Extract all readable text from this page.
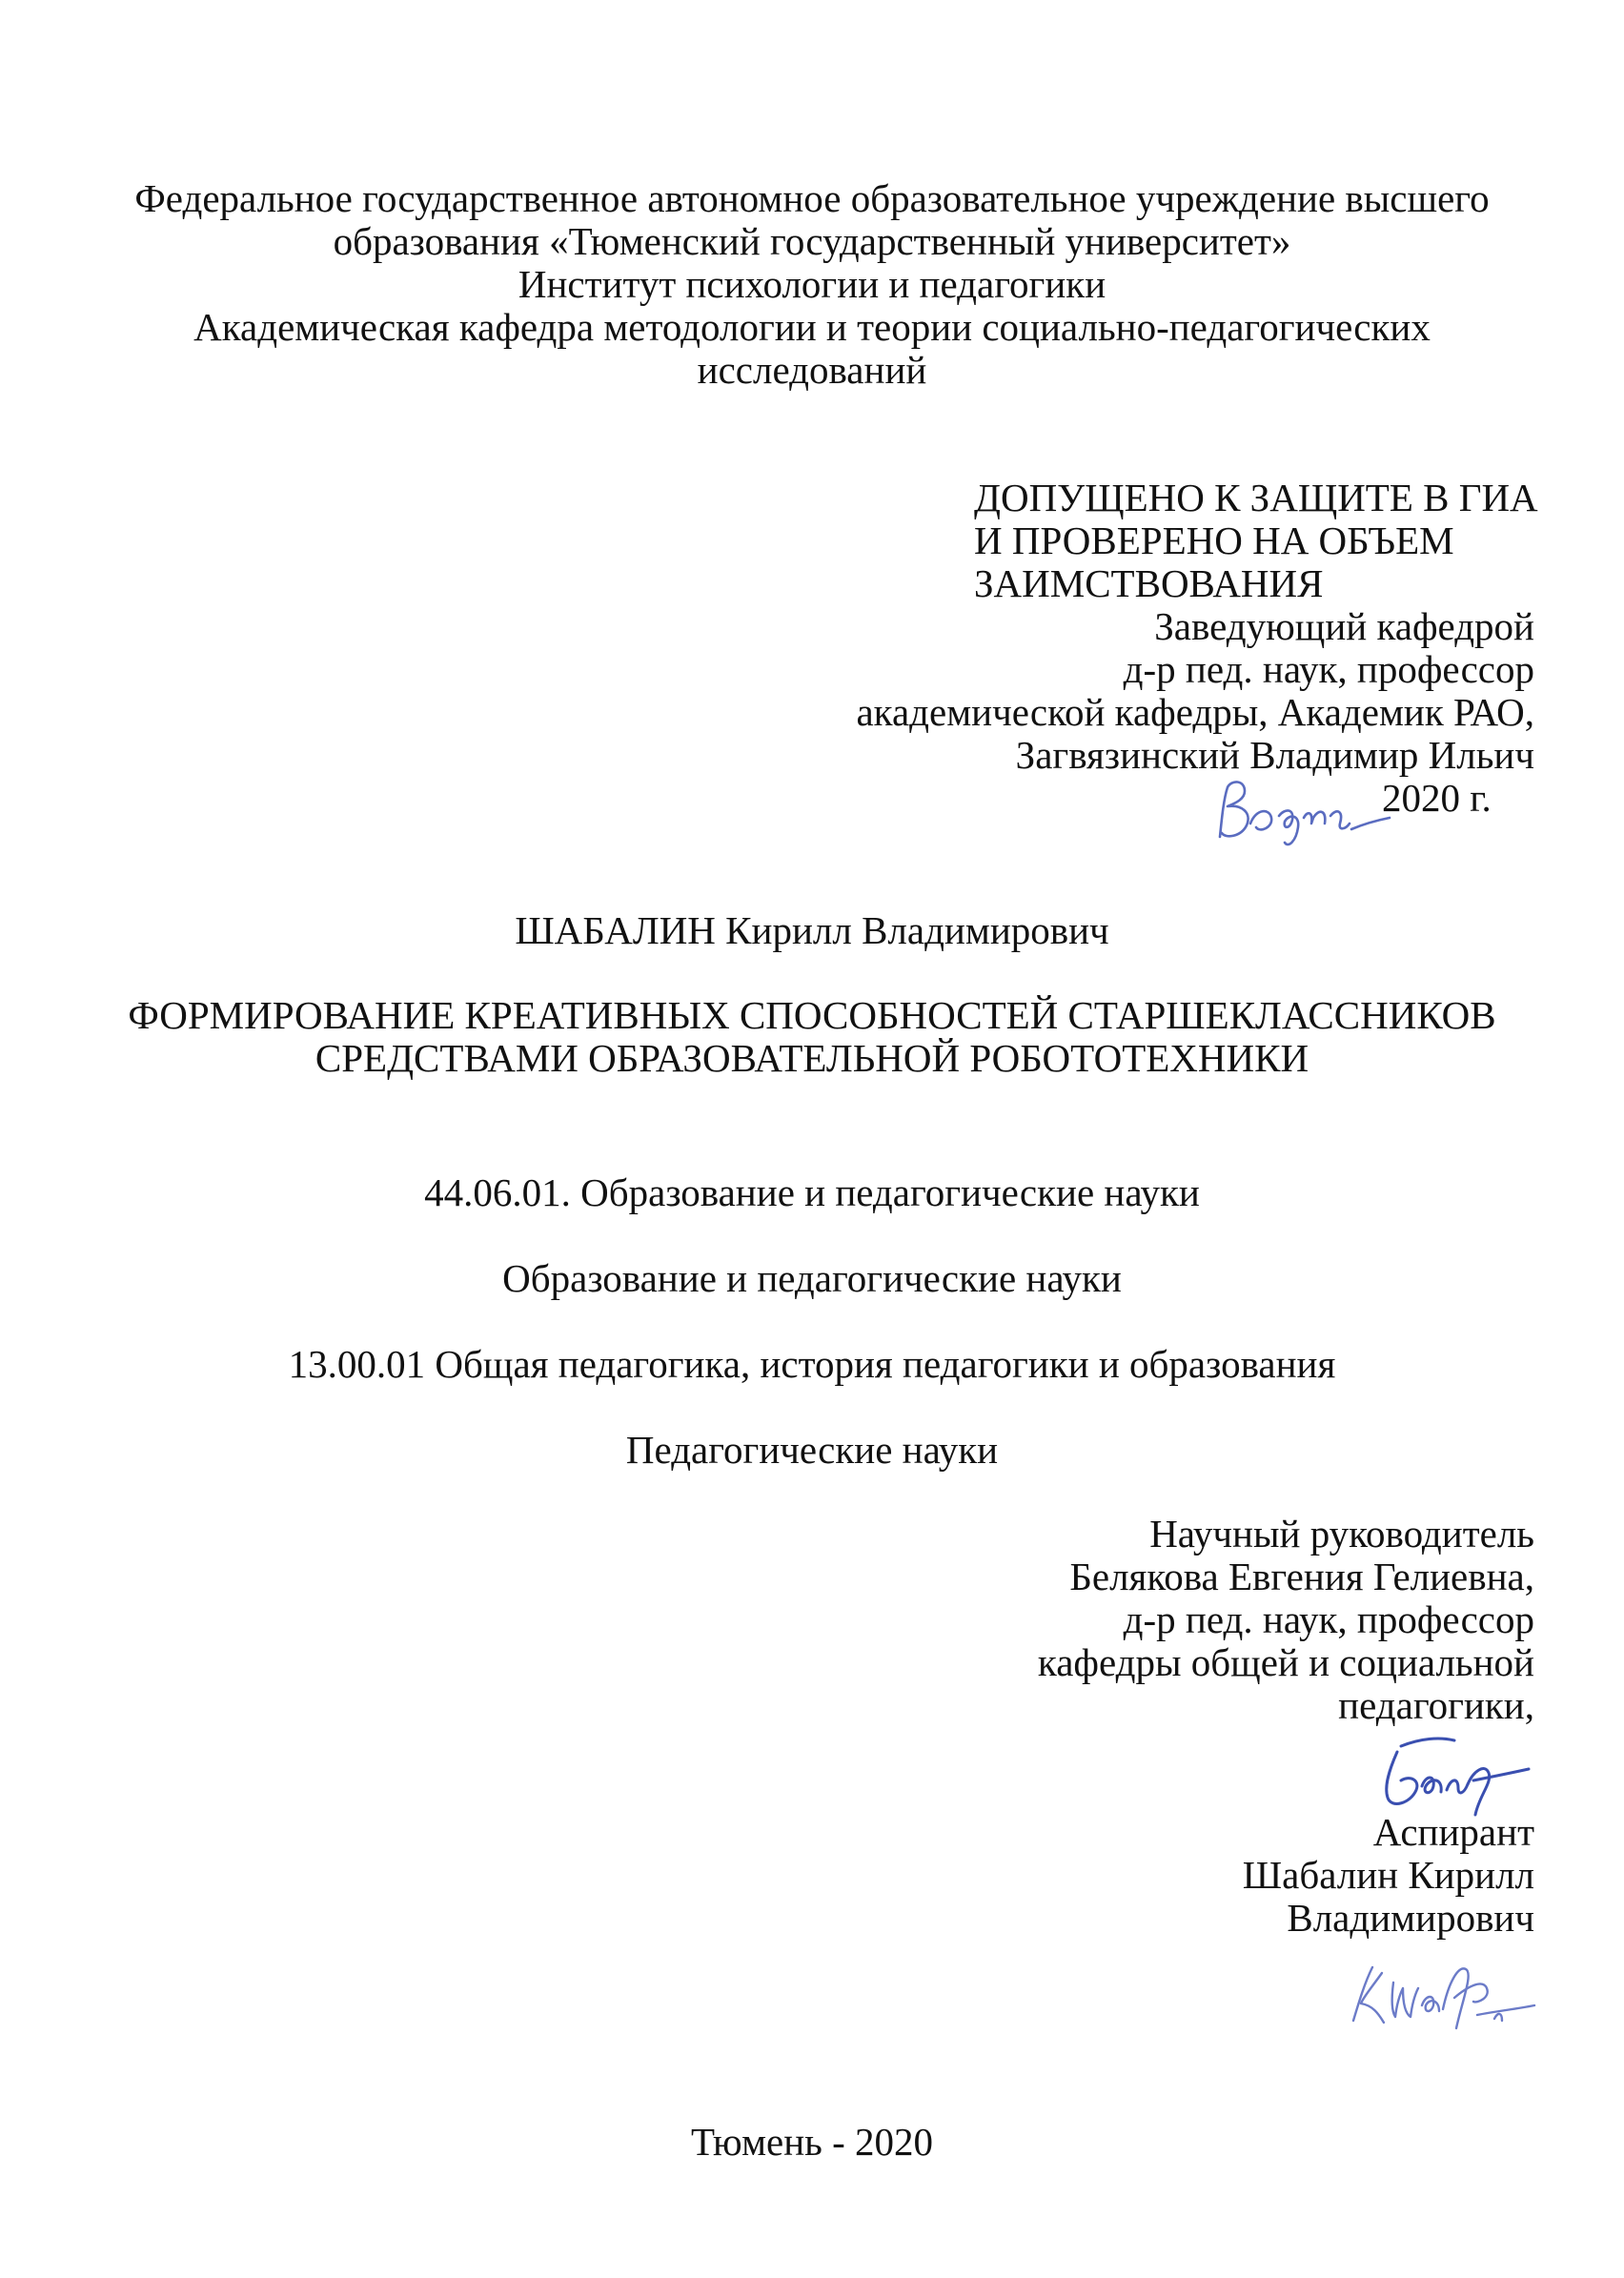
Федеральное государственное автономное образовательное учреждение высшего
образования «Тюменский государственный университет»
Институт психологии и педагогики
Академическая кафедра методологии и теории социально-педагогических
исследований
ДОПУЩЕНО К ЗАЩИТЕ В ГИА
И ПРОВЕРЕНО НА ОБЪЕМ
ЗАИМСТВОВАНИЯ
Заведующий кафедрой
д-р пед. наук, профессор
академической кафедры, Академик РАО,
Загвязинский Владимир Ильич
2020 г.
ШАБАЛИН Кирилл Владимирович
ФОРМИРОВАНИЕ КРЕАТИВНЫХ СПОСОБНОСТЕЙ СТАРШЕКЛАССНИКОВ
СРЕДСТВАМИ ОБРАЗОВАТЕЛЬНОЙ РОБОТОТЕХНИКИ
44.06.01. Образование и педагогические науки
Образование и педагогические науки
13.00.01 Общая педагогика, история педагогики и образования
Педагогические науки
Научный руководитель
Белякова Евгения Гелиевна,
д-р пед. наук, профессор
кафедры общей и социальной
педагогики,
Аспирант
Шабалин Кирилл
Владимирович
Тюмень - 2020
